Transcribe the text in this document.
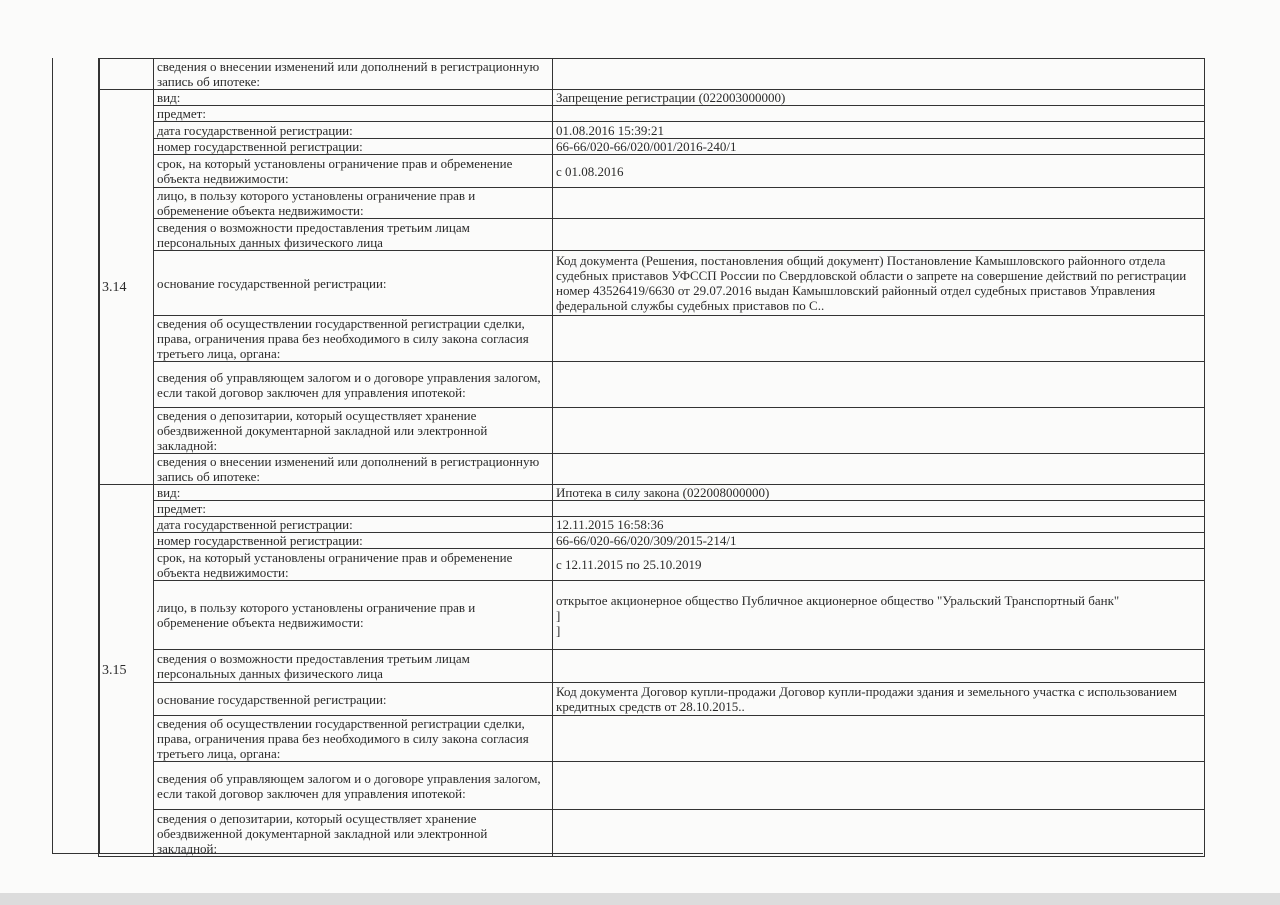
	сведения о внесении изменений или дополнений в регистрационную запись об ипотеке:	
3.14	вид:	Запрещение регистрации (022003000000)
	предмет:	
	дата государственной регистрации:	01.08.2016 15:39:21
	номер государственной регистрации:	66-66/020-66/020/001/2016-240/1
	срок, на который установлены ограничение прав и обременение объекта недвижимости:	с 01.08.2016
	лицо, в пользу которого установлены ограничение прав и обременение объекта недвижимости:	
	сведения о возможности предоставления третьим лицам персональных данных физического лица	
	основание государственной регистрации:	Код документа (Решения, постановления общий документ) Постановление Камышловского районного отдела судебных приставов УФССП России по Свердловской области о запрете на совершение действий по регистрации номер 43526419/6630 от 29.07.2016 выдан Камышловский районный отдел судебных приставов Управления федеральной службы судебных приставов по С..
	сведения об осуществлении государственной регистрации сделки, права, ограничения права без необходимого в силу закона согласия третьего лица, органа:	
	сведения об управляющем залогом и о договоре управления залогом, если такой договор заключен для управления ипотекой:	
	сведения о депозитарии, который осуществляет хранение обездвиженной документарной закладной или электронной закладной:	
	сведения о внесении изменений или дополнений в регистрационную запись об ипотеке:	
3.15	вид:	Ипотека в силу закона (022008000000)
	предмет:	
	дата государственной регистрации:	12.11.2015 16:58:36
	номер государственной регистрации:	66-66/020-66/020/309/2015-214/1
	срок, на который установлены ограничение прав и обременение объекта недвижимости:	с 12.11.2015 по 25.10.2019
	лицо, в пользу которого установлены ограничение прав и обременение объекта недвижимости:	открытое акционерное общество Публичное акционерное общество "Уральский Транспортный банк"
]
]
	сведения о возможности предоставления третьим лицам персональных данных физического лица	
	основание государственной регистрации:	Код документа Договор купли-продажи Договор купли-продажи здания и земельного участка с использованием кредитных средств от 28.10.2015..
	сведения об осуществлении государственной регистрации сделки, права, ограничения права без необходимого в силу закона согласия третьего лица, органа:	
	сведения об управляющем залогом и о договоре управления залогом, если такой договор заключен для управления ипотекой:	
	сведения о депозитарии, который осуществляет хранение обездвиженной документарной закладной или электронной закладной:	
